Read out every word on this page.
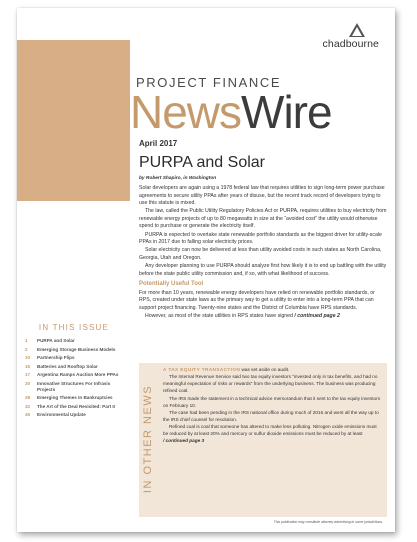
chadbourne
PROJECT FINANCE
NewsWire
April 2017
PURPA and Solar
by Robert Shapiro, in Washington

Solar developers are again using a 1978 federal law that requires utilities to sign long-term power purchase agreements to secure utility PPAs after years of disuse, but the recent track record of developers trying to use this statute is mixed.

The law, called the Public Utility Regulatory Policies Act or PURPA, requires utilities to buy electricity from renewable energy projects of up to 80 megawatts in size at the “avoided cost” the utility would otherwise spend to purchase or generate the electricity itself.

PURPA is expected to overtake state renewable portfolio standards as the biggest driver for utility-scale PPAs in 2017 due to falling solar electricity prices.

Solar electricity can now be delivered at less than utility avoided costs in such states as North Carolina, Georgia, Utah and Oregon.

Any developer planning to use PURPA should analyze first how likely it is to end up battling with the utility before the state public utility commission and, if so, with what likelihood of success.

Potentially Useful Tool

For more than 10 years, renewable energy developers have relied on renewable portfolio standards, or RPS, created under state laws as the primary way to get a utility to enter into a long-term PPA that can support project financing. Twenty-nine states and the District of Columbia have RPS standards.

However, as most of the state utilities in RPS states have signed / continued page 2

IN THIS ISSUE
1	PURPA and Solar
2	Emerging Storage Business Models
10	Partnership Flips
15	Batteries and Rooftop Solar
17	Argentina Ramps Auction More PPAs
20	Innovative Structures For Infrasis Projects
28	Emerging Themes In Bankruptcies
32	The Art of the Deal Revisited: Part II
45	Environmental Update	IN OTHER NEWS

A TAX EQUITY TRANSACTION was set aside on audit.

The Internal Revenue Service said two tax equity investors “invested only in tax benefits, and had no meaningful expectation of risks or rewards” from the underlying business. The business was producing refined coal.

The IRS made the statement in a technical advice memorandum that it sent to the tax equity investors on February 10.

The case had been pending in the IRS national office during much of 2016 and went all the way up to the IRS chief counsel for resolution.

Refined coal is coal that someone has altered to make less polluting. Nitrogen oxide emissions must be reduced by at least 20% and mercury or sulfur dioxide emissions must be reduced by at least / continued page 3

This publication may constitute attorney advertising in some jurisdictions.
